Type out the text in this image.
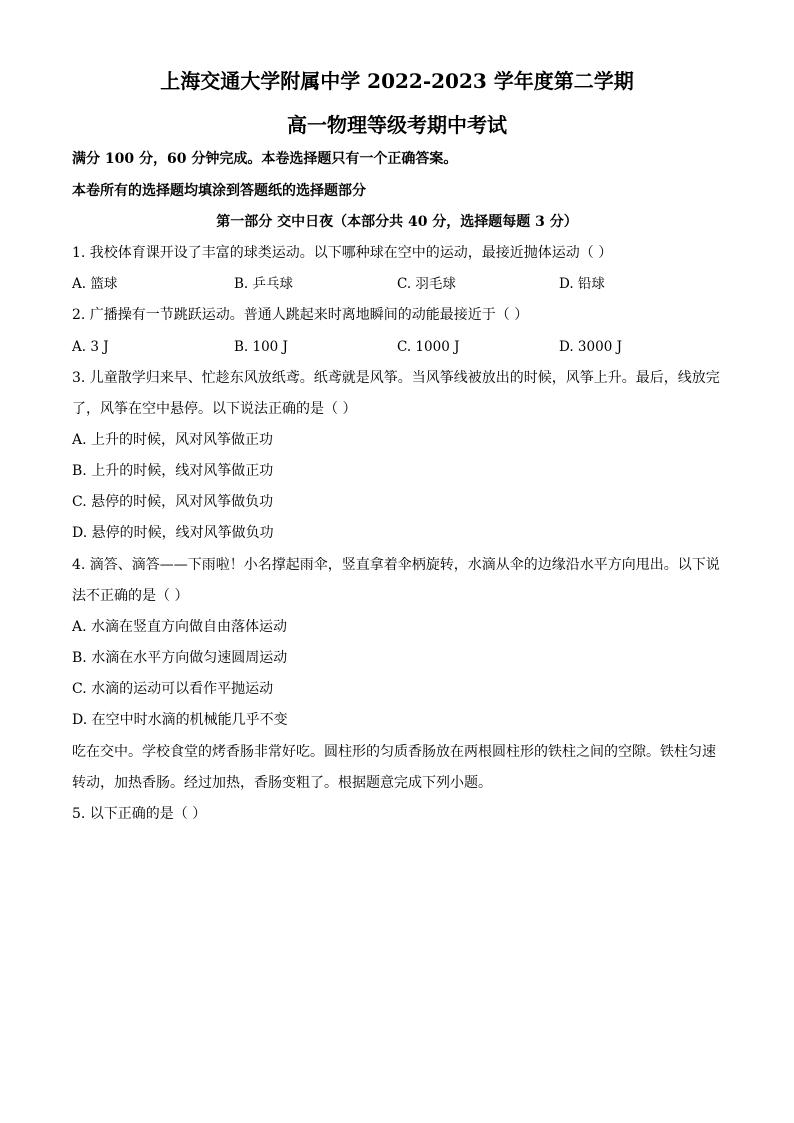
上海交通大学附属中学 2022-2023 学年度第二学期
高一物理等级考期中考试
满分 100 分，60 分钟完成。本卷选择题只有一个正确答案。
本卷所有的选择题均填涂到答题纸的选择题部分
第一部分 交中日夜（本部分共 40 分，选择题每题 3 分）
1. 我校体育课开设了丰富的球类运动。以下哪种球在空中的运动，最接近抛体运动（ ）
A. 篮球	B. 乒乓球	C. 羽毛球	D. 铅球
2. 广播操有一节跳跃运动。普通人跳起来时离地瞬间的动能最接近于（ ）
A. 3 J	B. 100 J	C. 1000 J	D. 3000 J
3. 儿童散学归来早、忙趁东风放纸鸢。纸鸢就是风筝。当风筝线被放出的时候，风筝上升。最后，线放完
了，风筝在空中悬停。以下说法正确的是（ ）
A. 上升的时候，风对风筝做正功
B. 上升的时候，线对风筝做正功
C. 悬停的时候，风对风筝做负功
D. 悬停的时候，线对风筝做负功
4. 滴答、滴答——下雨啦！小名撑起雨伞，竖直拿着伞柄旋转，水滴从伞的边缘沿水平方向甩出。以下说
法不正确的是（ ）
A. 水滴在竖直方向做自由落体运动
B. 水滴在水平方向做匀速圆周运动
C. 水滴的运动可以看作平抛运动
D. 在空中时水滴的机械能几乎不变
吃在交中。学校食堂的烤香肠非常好吃。圆柱形的匀质香肠放在两根圆柱形的铁柱之间的空隙。铁柱匀速
转动，加热香肠。经过加热，香肠变粗了。根据题意完成下列小题。
5. 以下正确的是（ ）
